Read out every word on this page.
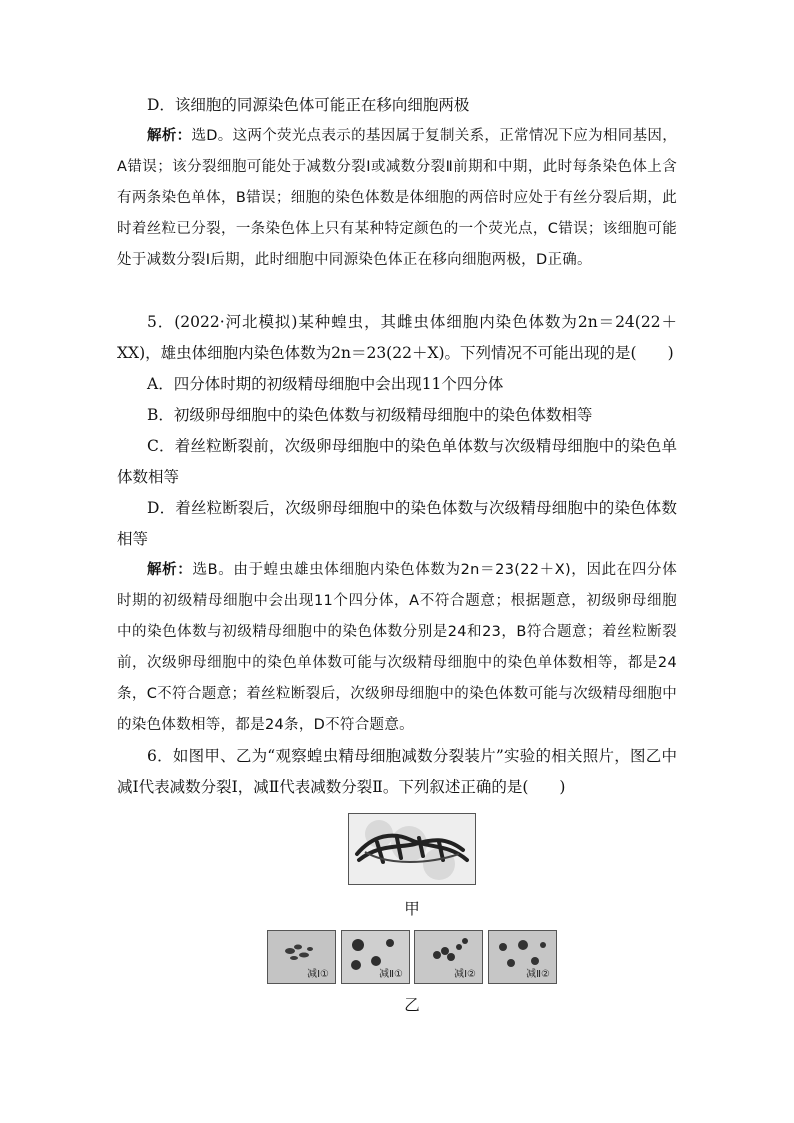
D．该细胞的同源染色体可能正在移向细胞两极

解析：选D。这两个荧光点表示的基因属于复制关系，正常情况下应为相同基因，A错误；该分裂细胞可能处于减数分裂Ⅰ或减数分裂Ⅱ前期和中期，此时每条染色体上含有两条染色单体，B错误；细胞的染色体数是体细胞的两倍时应处于有丝分裂后期，此时着丝粒已分裂，一条染色体上只有某种特定颜色的一个荧光点，C错误；该细胞可能处于减数分裂Ⅰ后期，此时细胞中同源染色体正在移向细胞两极，D正确。

5．(2022·河北模拟)某种蝗虫，其雌虫体细胞内染色体数为2n＝24(22＋XX)，雄虫体细胞内染色体数为2n＝23(22＋X)。下列情况不可能出现的是(　　)

A．四分体时期的初级精母细胞中会出现11个四分体

B．初级卵母细胞中的染色体数与初级精母细胞中的染色体数相等

C．着丝粒断裂前，次级卵母细胞中的染色单体数与次级精母细胞中的染色单体数相等

D．着丝粒断裂后，次级卵母细胞中的染色体数与次级精母细胞中的染色体数相等

解析：选B。由于蝗虫雄虫体细胞内染色体数为2n＝23(22＋X)，因此在四分体时期的初级精母细胞中会出现11个四分体，A不符合题意；根据题意，初级卵母细胞中的染色体数与初级精母细胞中的染色体数分别是24和23，B符合题意；着丝粒断裂前，次级卵母细胞中的染色单体数可能与次级精母细胞中的染色单体数相等，都是24条，C不符合题意；着丝粒断裂后，次级卵母细胞中的染色体数可能与次级精母细胞中的染色体数相等，都是24条，D不符合题意。

6．如图甲、乙为“观察蝗虫精母细胞减数分裂装片”实验的相关照片，图乙中减Ⅰ代表减数分裂Ⅰ，减Ⅱ代表减数分裂Ⅱ。下列叙述正确的是(　　)

甲
减Ⅰ①	减Ⅱ①	减Ⅰ②	减Ⅱ②
乙
